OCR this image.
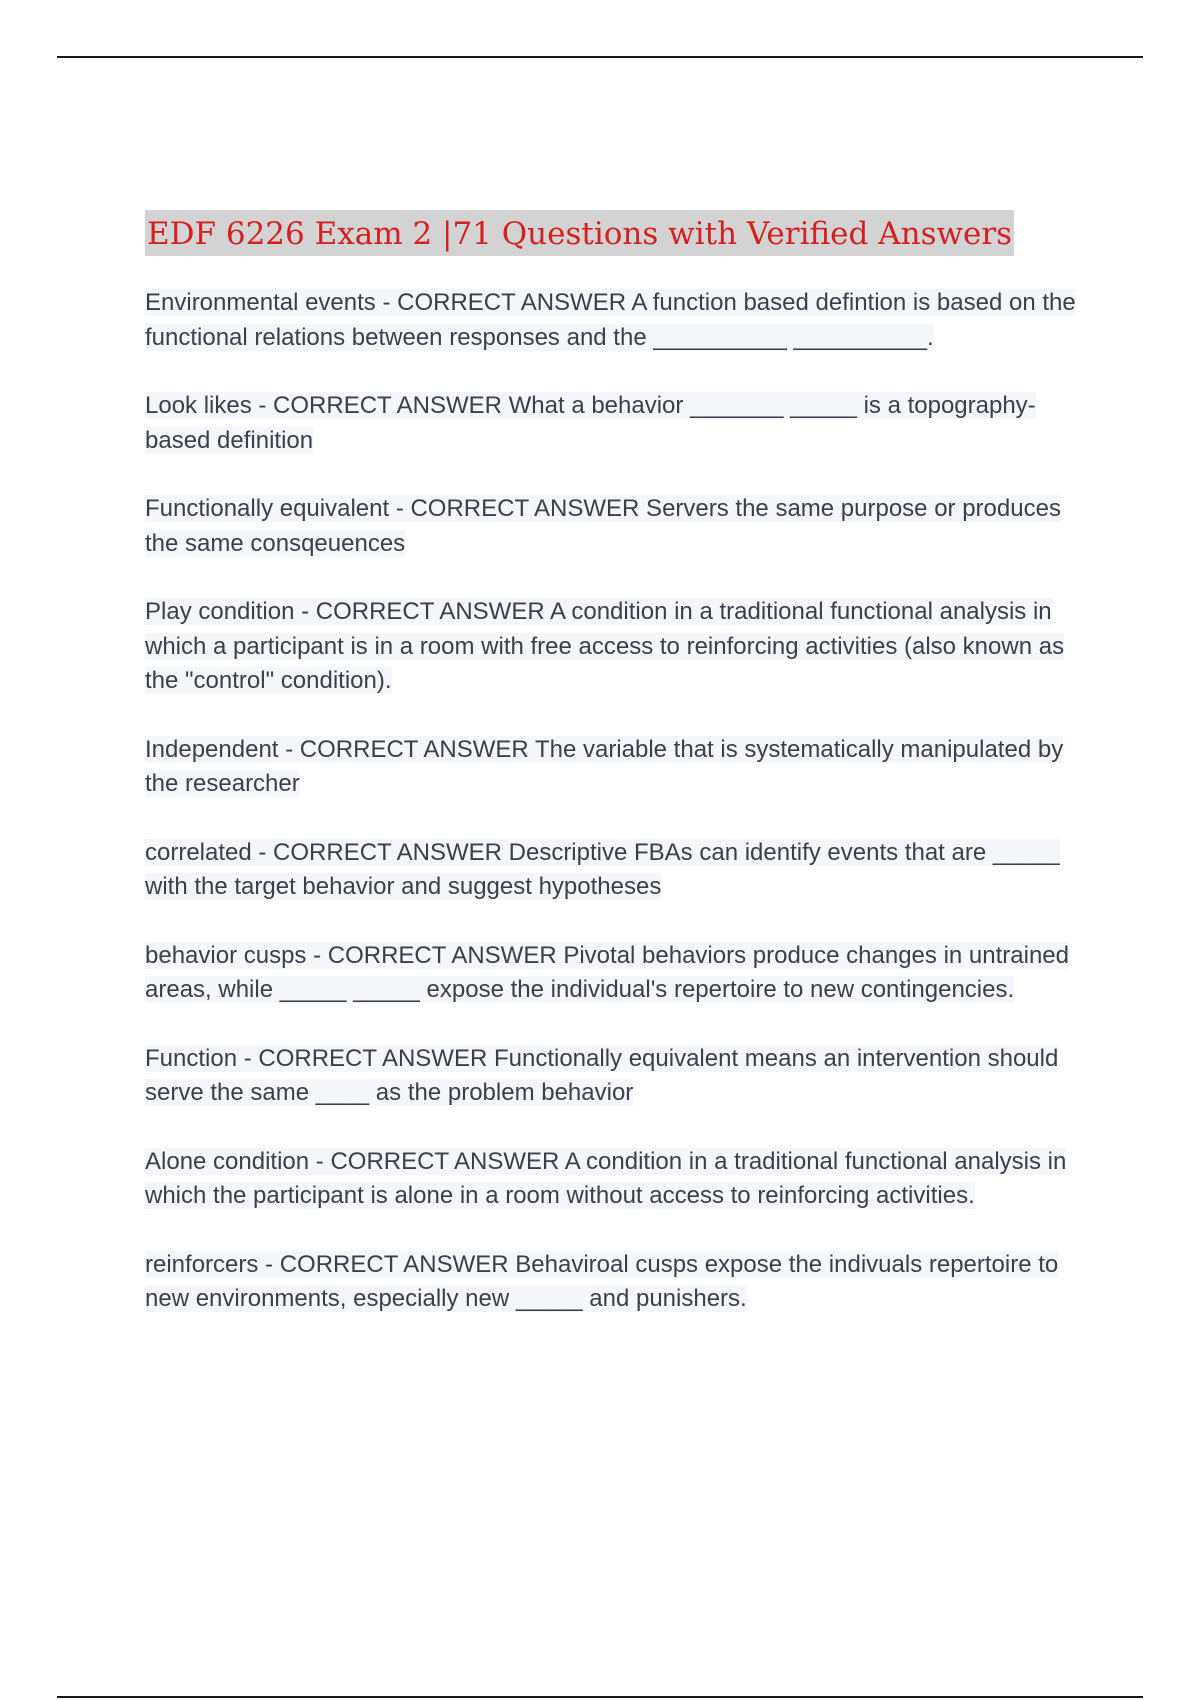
EDF 6226 Exam 2 |71 Questions with Verified Answers
Environmental events - CORRECT ANSWER A function based defintion is based on the functional relations between responses and the __________ __________.
Look likes - CORRECT ANSWER What a behavior _______ _____ is a topography-based definition
Functionally equivalent - CORRECT ANSWER Servers the same purpose or produces the same consqeuences
Play condition - CORRECT ANSWER A condition in a traditional functional analysis in which a participant is in a room with free access to reinforcing activities (also known as the "control" condition).
Independent - CORRECT ANSWER The variable that is systematically manipulated by the researcher
correlated - CORRECT ANSWER Descriptive FBAs can identify events that are _____ with the target behavior and suggest hypotheses
behavior cusps - CORRECT ANSWER Pivotal behaviors produce changes in untrained areas, while _____ _____ expose the individual's repertoire to new contingencies.
Function - CORRECT ANSWER Functionally equivalent means an intervention should serve the same ____ as the problem behavior
Alone condition - CORRECT ANSWER A condition in a traditional functional analysis in which the participant is alone in a room without access to reinforcing activities.
reinforcers - CORRECT ANSWER Behaviroal cusps expose the indivuals repertoire to new environments, especially new _____ and punishers.
